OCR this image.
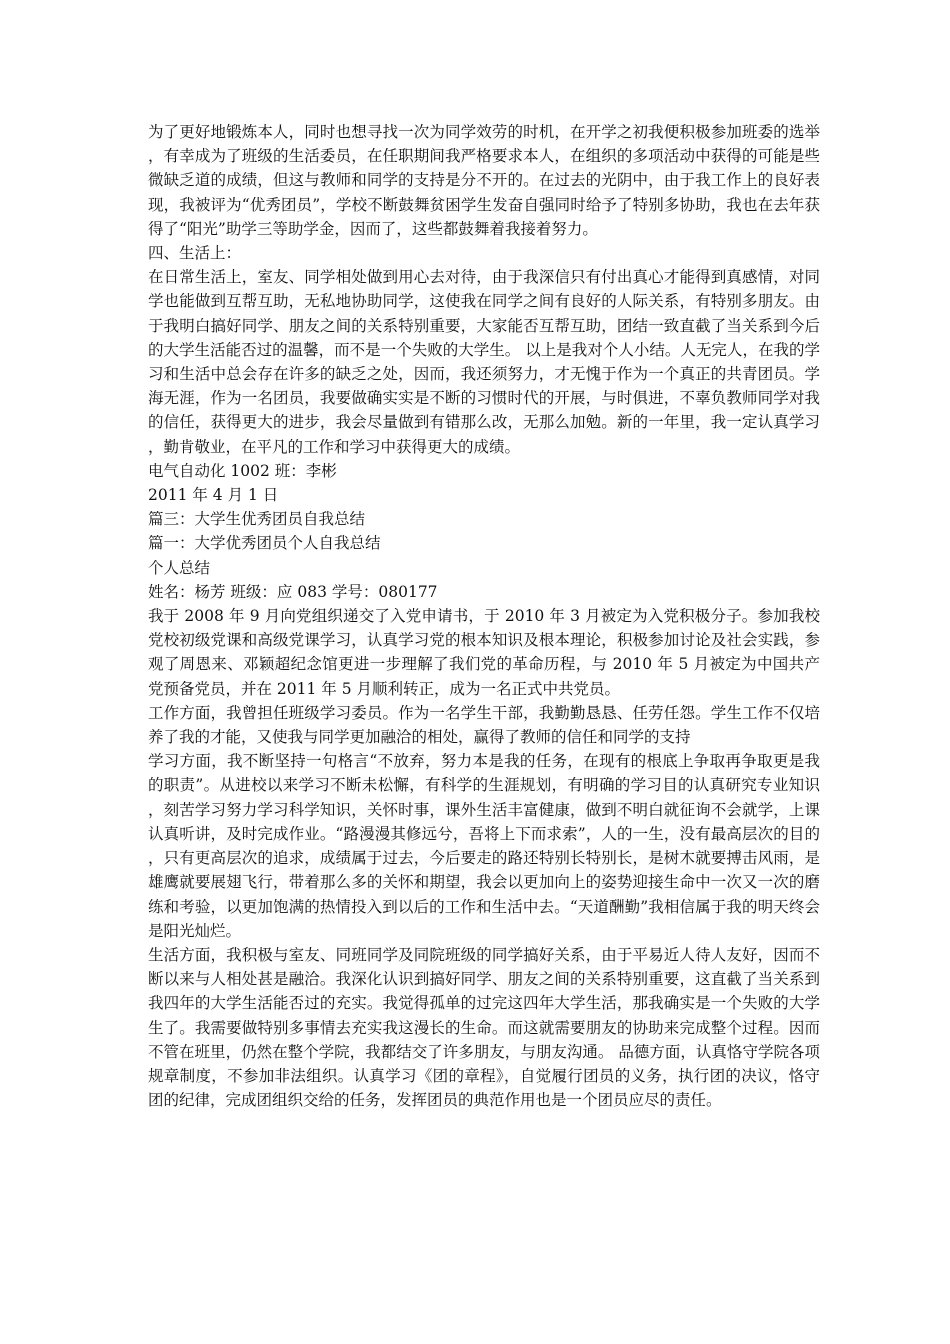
为了更好地锻炼本人，同时也想寻找一次为同学效劳的时机，在开学之初我便积极参加班委的选举，有幸成为了班级的生活委员，在任职期间我严格要求本人，在组织的多项活动中获得的可能是些微缺乏道的成绩，但这与教师和同学的支持是分不开的。在过去的光阴中，由于我工作上的良好表现，我被评为“优秀团员”，学校不断鼓舞贫困学生发奋自强同时给予了特别多协助，我也在去年获得了“阳光”助学三等助学金，因而了，这些都鼓舞着我接着努力。

四、生活上：

在日常生活上，室友、同学相处做到用心去对待，由于我深信只有付出真心才能得到真感情，对同学也能做到互帮互助，无私地协助同学，这使我在同学之间有良好的人际关系，有特别多朋友。由于我明白搞好同学、朋友之间的关系特别重要，大家能否互帮互助，团结一致直截了当关系到今后的大学生活能否过的温馨，而不是一个失败的大学生。 以上是我对个人小结。人无完人，在我的学习和生活中总会存在许多的缺乏之处，因而，我还须努力，才无愧于作为一个真正的共青团员。学海无涯，作为一名团员，我要做确实实是不断的习惯时代的开展，与时俱进，不辜负教师同学对我的信任，获得更大的进步，我会尽量做到有错那么改，无那么加勉。新的一年里，我一定认真学习，勤肯敬业，在平凡的工作和学习中获得更大的成绩。

电气自动化 1002 班：李彬

2011 年 4 月 1 日

篇三：大学生优秀团员自我总结

篇一：大学优秀团员个人自我总结

个人总结

姓名：杨芳 班级：应 083 学号：080177

我于 2008 年 9 月向党组织递交了入党申请书，于 2010 年 3 月被定为入党积极分子。参加我校党校初级党课和高级党课学习，认真学习党的根本知识及根本理论，积极参加讨论及社会实践，参观了周恩来、邓颖超纪念馆更进一步理解了我们党的革命历程，与 2010 年 5 月被定为中国共产党预备党员，并在 2011 年 5 月顺利转正，成为一名正式中共党员。

工作方面，我曾担任班级学习委员。作为一名学生干部，我勤勤恳恳、任劳任怨。学生工作不仅培养了我的才能，又使我与同学更加融洽的相处，赢得了教师的信任和同学的支持

学习方面，我不断坚持一句格言“不放弃，努力本是我的任务，在现有的根底上争取再争取更是我的职责”。从进校以来学习不断未松懈，有科学的生涯规划，有明确的学习目的认真研究专业知识，刻苦学习努力学习科学知识，关怀时事，课外生活丰富健康，做到不明白就征询不会就学，上课认真听讲，及时完成作业。“路漫漫其修远兮，吾将上下而求索”，人的一生，没有最高层次的目的，只有更高层次的追求，成绩属于过去，今后要走的路还特别长特别长，是树木就要搏击风雨，是雄鹰就要展翅飞行，带着那么多的关怀和期望，我会以更加向上的姿势迎接生命中一次又一次的磨练和考验，以更加饱满的热情投入到以后的工作和生活中去。“天道酬勤”我相信属于我的明天终会是阳光灿烂。

生活方面，我积极与室友、同班同学及同院班级的同学搞好关系，由于平易近人待人友好，因而不断以来与人相处甚是融洽。我深化认识到搞好同学、朋友之间的关系特别重要，这直截了当关系到我四年的大学生活能否过的充实。我觉得孤单的过完这四年大学生活，那我确实是一个失败的大学生了。我需要做特别多事情去充实我这漫长的生命。而这就需要朋友的协助来完成整个过程。因而不管在班里，仍然在整个学院，我都结交了许多朋友，与朋友沟通。 品德方面，认真恪守学院各项规章制度，不参加非法组织。认真学习《团的章程》，自觉履行团员的义务，执行团的决议，恪守团的纪律，完成团组织交给的任务，发挥团员的典范作用也是一个团员应尽的责任。
